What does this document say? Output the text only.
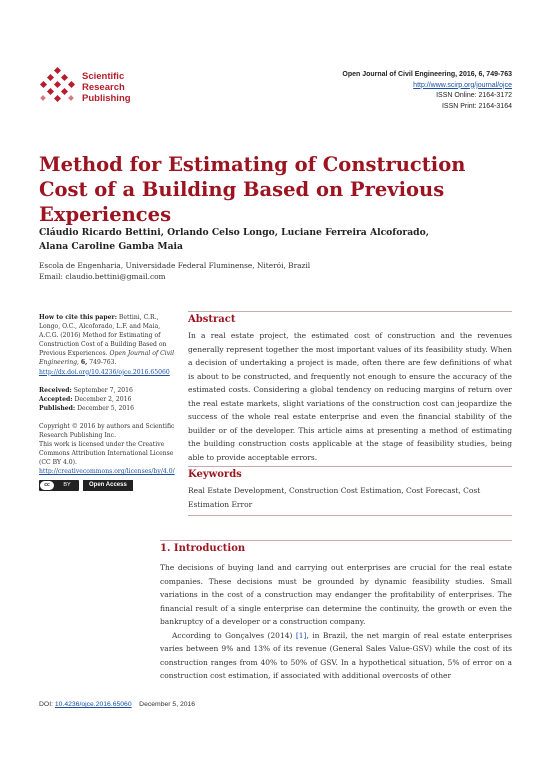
Scientific
Research
Publishing
Open Journal of Civil Engineering, 2016, 6, 749-763
http://www.scirp.org/journal/ojce
ISSN Online: 2164-3172
ISSN Print: 2164-3164
Method for Estimating of Construction Cost of a Building Based on Previous Experiences
Cláudio Ricardo Bettini, Orlando Celso Longo, Luciane Ferreira Alcoforado,
Alana Caroline Gamba Maia
Escola de Engenharia, Universidade Federal Fluminense, Niterói, Brazil
Email: claudio.bettini@gmail.com
How to cite this paper: Bettini, C.R., Longo, O.C., Alcoforado, L.F. and Maia, A.C.G. (2016) Method for Estimating of Construction Cost of a Building Based on Previous Experiences. Open Journal of Civil Engineering, 6, 749-763.
http://dx.doi.org/10.4236/ojce.2016.65060
Received: September 7, 2016
Accepted: December 2, 2016
Published: December 5, 2016
Copyright © 2016 by authors and Scientific Research Publishing Inc.
This work is licensed under the Creative Commons Attribution International License (CC BY 4.0).
http://creativecommons.org/licenses/by/4.0/
cc	BY	Open Access
Abstract
In a real estate project, the estimated cost of construction and the revenues generally represent together the most important values of its feasibility study. When a decision of undertaking a project is made, often there are few definitions of what is about to be constructed, and frequently not enough to ensure the accuracy of the estimated costs. Considering a global tendency on reducing margins of return over the real estate markets, slight variations of the construction cost can jeopardize the success of the whole real estate enterprise and even the financial stability of the builder or of the developer. This article aims at presenting a method of estimating the building construction costs applicable at the stage of feasibility studies, being able to provide acceptable errors.
Keywords
Real Estate Development, Construction Cost Estimation, Cost Forecast, Cost Estimation Error
1. Introduction

The decisions of buying land and carrying out enterprises are crucial for the real estate companies. These decisions must be grounded by dynamic feasibility studies. Small variations in the cost of a construction may endanger the profitability of enterprises. The financial result of a single enterprise can determine the continuity, the growth or even the bankruptcy of a developer or a construction company.

According to Gonçalves (2014) [1], in Brazil, the net margin of real estate enterprises varies between 9% and 13% of its revenue (General Sales Value-GSV) while the cost of its construction ranges from 40% to 50% of GSV. In a hypothetical situation, 5% of error on a construction cost estimation, if associated with additional overcosts of other

DOI: 10.4236/ojce.2016.65060 December 5, 2016
